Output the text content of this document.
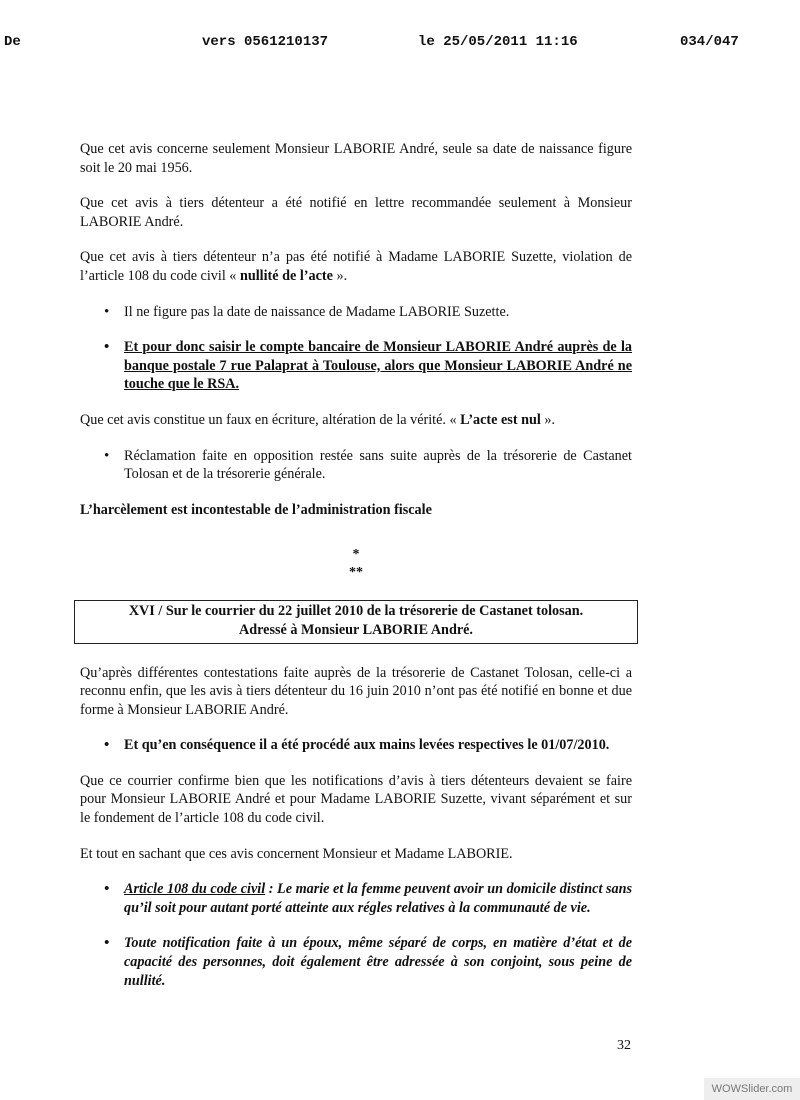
De	vers 0561210137	le 25/05/2011 11:16	034/047

Que cet avis concerne seulement Monsieur LABORIE André, seule sa date de naissance figure soit le 20 mai 1956.

Que cet avis à tiers détenteur a été notifié en lettre recommandée seulement à Monsieur LABORIE André.

Que cet avis à tiers détenteur n’a pas été notifié à Madame LABORIE Suzette, violation de l’article 108 du code civil « nullité de l’acte ».

• Il ne figure pas la date de naissance de Madame LABORIE Suzette.
• Et pour donc saisir le compte bancaire de Monsieur LABORIE André auprès de la banque postale 7 rue Palaprat à Toulouse, alors que Monsieur LABORIE André ne touche que le RSA.

Que cet avis constitue un faux en écriture, altération de la vérité. « L’acte est nul ».

• Réclamation faite en opposition restée sans suite auprès de la trésorerie de Castanet Tolosan et de la trésorerie générale.

L’harcèlement est incontestable de l’administration fiscale

*
**
XVI / Sur le courrier du 22 juillet 2010 de la trésorerie de Castanet tolosan.
Adressé à Monsieur LABORIE André.

Qu’après différentes contestations faite auprès de la trésorerie de Castanet Tolosan, celle-ci a reconnu enfin, que les avis à tiers détenteur du 16 juin 2010 n’ont pas été notifié en bonne et due forme à Monsieur LABORIE André.

• Et qu’en conséquence il a été procédé aux mains levées respectives le 01/07/2010.

Que ce courrier confirme bien que les notifications d’avis à tiers détenteurs devaient se faire pour Monsieur LABORIE André et pour Madame LABORIE Suzette, vivant séparément et sur le fondement de l’article 108 du code civil.

Et tout en sachant que ces avis concernent Monsieur et Madame LABORIE.

• Article 108 du code civil : Le marie et la femme peuvent avoir un domicile distinct sans qu’il soit pour autant porté atteinte aux régles relatives à la communauté de vie.
• Toute notification faite à un époux, même séparé de corps, en matière d’état et de capacité des personnes, doit également être adressée à son conjoint, sous peine de nullité.
32
WOWSlider.com
